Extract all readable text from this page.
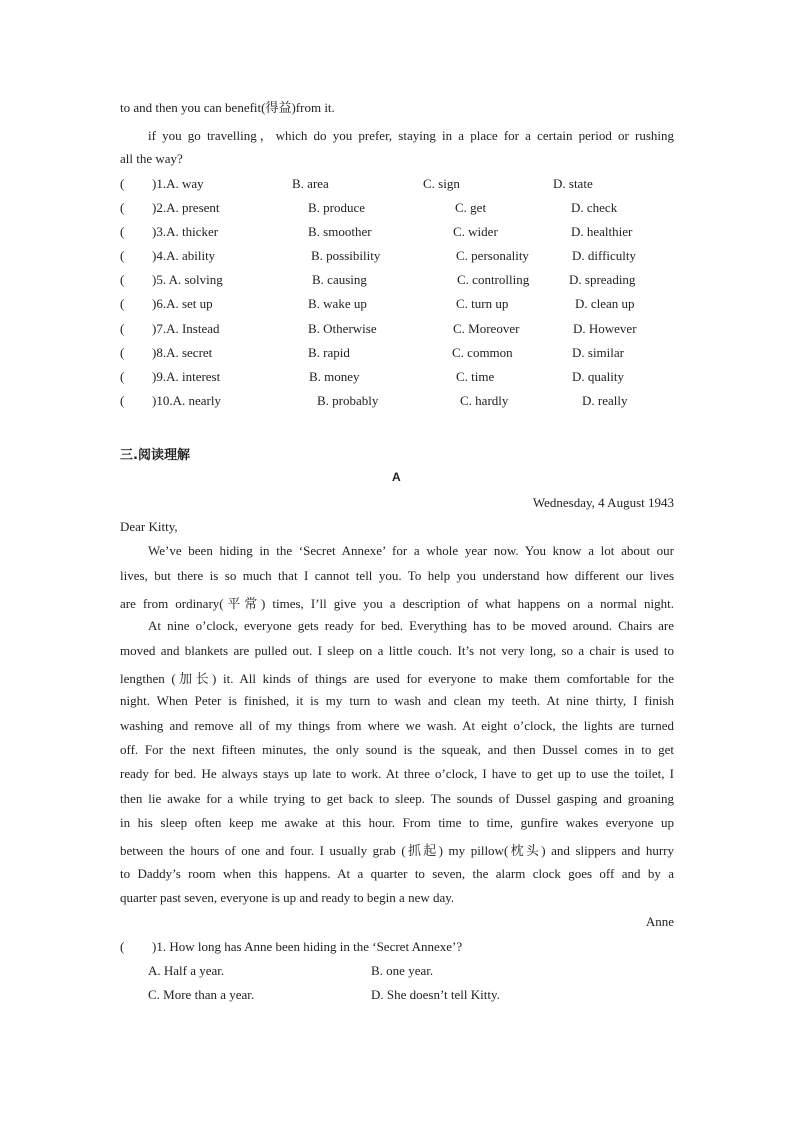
to and then you can benefit(得益)from it.
if you go travelling，which do you prefer, staying in a place for a certain period or rushing
all the way?
( )1.A. way	B. area	C. sign	D. state
( )2.A. present	B. produce	C. get	D. check
( )3.A. thicker	B. smoother	C. wider	D. healthier
( )4.A. ability	B. possibility	C. personality	D. difficulty
( )5. A. solving	B. causing	C. controlling	D. spreading
( )6.A. set up	B. wake up	C. turn up	D. clean up
( )7.A. Instead	B. Otherwise	C. Moreover	D. However
( )8.A. secret	B. rapid	C. common	D. similar
( )9.A. interest	B. money	C. time	D. quality
( )10.A. nearly	B. probably	C. hardly	D. really
三.阅读理解
A
Wednesday, 4 August 1943
Dear Kitty,
We’ve been hiding in the ‘Secret Annexe’ for a whole year now. You know a lot about our
lives, but there is so much that I cannot tell you. To help you understand how different our lives
are from ordinary(平常) times, I’ll give you a description of what happens on a normal night.
At nine o’clock, everyone gets ready for bed. Everything has to be moved around. Chairs are
moved and blankets are pulled out. I sleep on a little couch. It’s not very long, so a chair is used to
lengthen (加长) it. All kinds of things are used for everyone to make them comfortable for the
night. When Peter is finished, it is my turn to wash and clean my teeth. At nine thirty, I finish
washing and remove all of my things from where we wash. At eight o’clock, the lights are turned
off. For the next fifteen minutes, the only sound is the squeak, and then Dussel comes in to get
ready for bed. He always stays up late to work. At three o’clock, I have to get up to use the toilet, I
then lie awake for a while trying to get back to sleep. The sounds of Dussel gasping and groaning
in his sleep often keep me awake at this hour. From time to time, gunfire wakes everyone up
between the hours of one and four. I usually grab (抓起) my pillow(枕头) and slippers and hurry
to Daddy’s room when this happens. At a quarter to seven, the alarm clock goes off and by a
quarter past seven, everyone is up and ready to begin a new day.
Anne
( )1. How long has Anne been hiding in the ‘Secret Annexe’?
A. Half a year.	B. one year.
C. More than a year.	D. She doesn’t tell Kitty.
